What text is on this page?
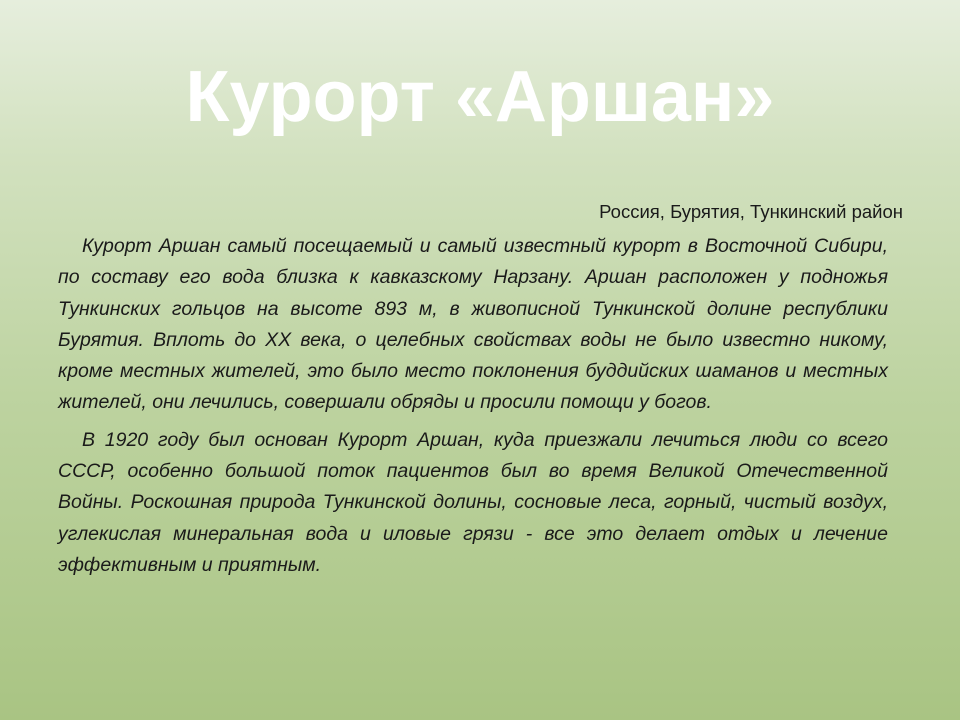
Курорт «Аршан»

Россия, Бурятия, Тункинский район

Курорт Аршан самый посещаемый и самый известный курорт в Восточной Сибири, по составу его вода близка к кавказскому Нарзану. Аршан расположен у подножья Тункинских гольцов на высоте 893 м, в живописной Тункинской долине республики Бурятия. Вплоть до XX века, о целебных свойствах воды не было известно никому, кроме местных жителей, это было место поклонения буддийских шаманов и местных жителей, они лечились, совершали обряды и просили помощи у богов.

В 1920 году был основан Курорт Аршан, куда приезжали лечиться люди со всего СССР, особенно большой поток пациентов был во время Великой Отечественной Войны. Роскошная природа Тункинской долины, сосновые леса, горный, чистый воздух, углекислая минеральная вода и иловые грязи - все это делает отдых и лечение эффективным и приятным.
